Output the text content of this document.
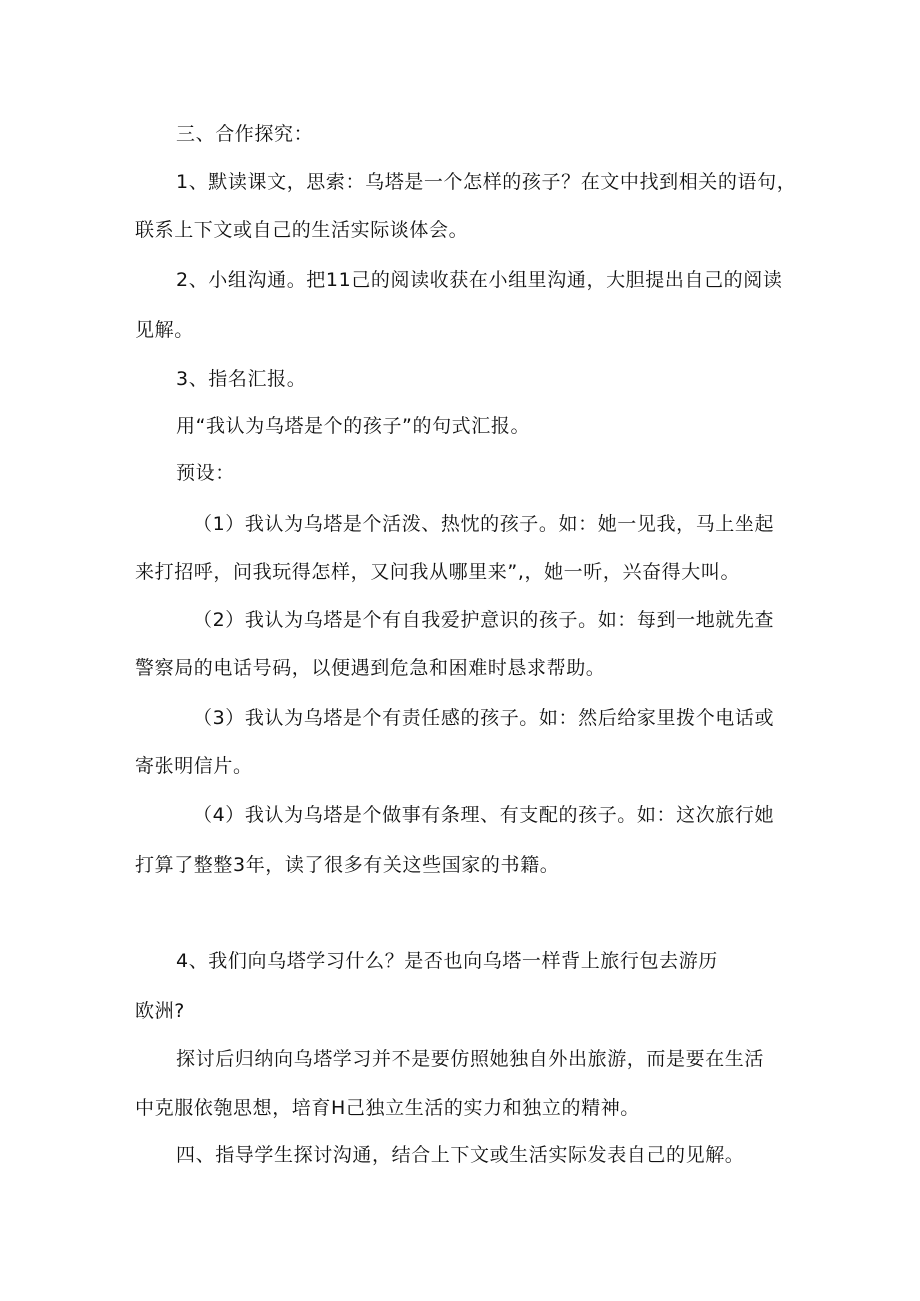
三、合作探究：
1、默读课文，思索：乌塔是一个怎样的孩子？在文中找到相关的语句，
联系上下文或自己的生活实际谈体会。
2、小组沟通。把11己的阅读收获在小组里沟通，大胆提出自己的阅读
见解。
3、指名汇报。
用“我认为乌塔是个的孩子”的句式汇报。
预设：
（1）我认为乌塔是个活泼、热忱的孩子。如：她一见我，马上坐起
来打招呼，问我玩得怎样，又问我从哪里来”,，她一听，兴奋得大叫。
（2）我认为乌塔是个有自我爱护意识的孩子。如：每到一地就先查
警察局的电话号码，以便遇到危急和困难时恳求帮助。
（3）我认为乌塔是个有责任感的孩子。如：然后给家里拨个电话或
寄张明信片。
（4）我认为乌塔是个做事有条理、有支配的孩子。如：这次旅行她
打算了整整3年，读了很多有关这些国家的书籍。
4、我们向乌塔学习什么？是否也向乌塔一样背上旅行包去游历
欧洲?
探讨后归纳向乌塔学习并不是要仿照她独自外出旅游，而是要在生活
中克服依匏思想，培育H己独立生活的实力和独立的精神。
四、指导学生探讨沟通，结合上下文或生活实际发表自己的见解。
